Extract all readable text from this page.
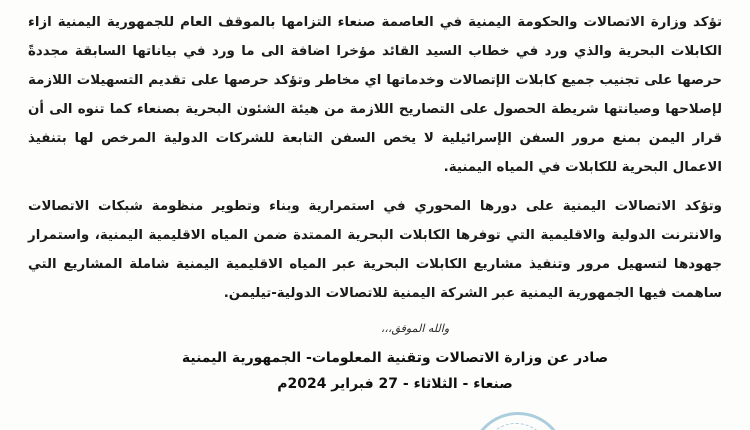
تؤكد وزارة الاتصالات والحكومة اليمنية في العاصمة صنعاء التزامها بالموقف العام للجمهورية اليمنية ازاء الكابلات البحرية والذي ورد في خطاب السيد القائد مؤخرا اضافة الى ما ورد في بياناتها السابقة مجددةً حرصها على تجنيب جميع كابلات الإتصالات وخدماتها اي مخاطر وتؤكد حرصها على تقديم التسهيلات اللازمة لإصلاحها وصيانتها شريطة الحصول على التصاريح اللازمة من هيئة الشئون البحرية بصنعاء كما تنوه الى أن قرار اليمن بمنع مرور السفن الإسرائيلية لا يخص السفن التابعة للشركات الدولية المرخص لها بتنفيذ الاعمال البحرية للكابلات في المياه اليمنية.

وتؤكد الاتصالات اليمنية على دورها المحوري في استمرارية وبناء وتطوير منظومة شبكات الاتصالات والانترنت الدولية والاقليمية التي توفرها الكابلات البحرية الممتدة ضمن المياه الاقليمية اليمنية، واستمرار جهودها لتسهيل مرور وتنفيذ مشاريع الكابلات البحرية عبر المياه الاقليمية اليمنية شاملة المشاريع التي ساهمت فيها الجمهورية اليمنية عبر الشركة اليمنية للاتصالات الدولية-تيليمن.

والله الموفق،،،

صادر عن وزارة الاتصالات وتقنية المعلومات- الجمهورية اليمنية

صنعاء - الثلاثاء - 27 فبراير 2024م
